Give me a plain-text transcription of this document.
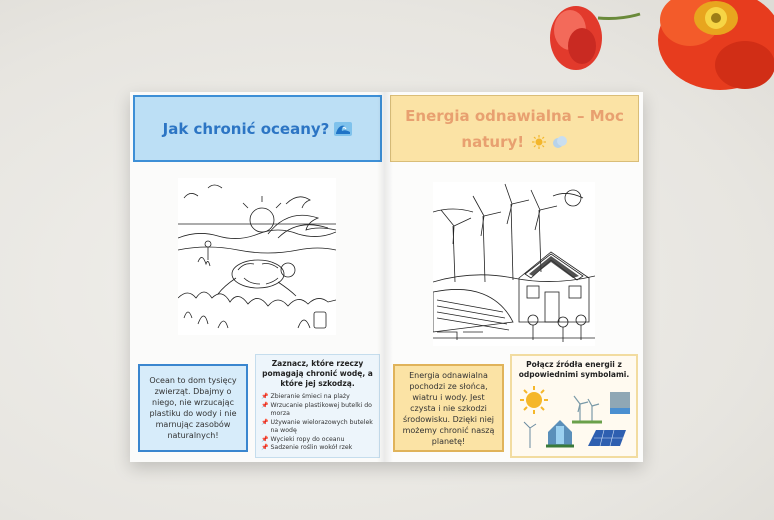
Jak chronić oceany?
Ocean to dom tysięcy zwierząt. Dbajmy o niego, nie wrzucając plastiku do wody i nie marnując zasobów naturalnych!
Zaznacz, które rzeczy pomagają chronić wodę, a które jej szkodzą.
📌 Zbieranie śmieci na plaży
📌 Wrzucanie plastikowej butelki do morza
📌 Używanie wielorazowych butelek na wodę
📌 Wycieki ropy do oceanu
📌 Sadzenie roślin wokół rzek
Energia odnawialna – Moc natury!
Energia odnawialna pochodzi ze słońca, wiatru i wody. Jest czysta i nie szkodzi środowisku. Dzięki niej możemy chronić naszą planetę!
Połącz źródła energii z odpowiednimi symbolami.
